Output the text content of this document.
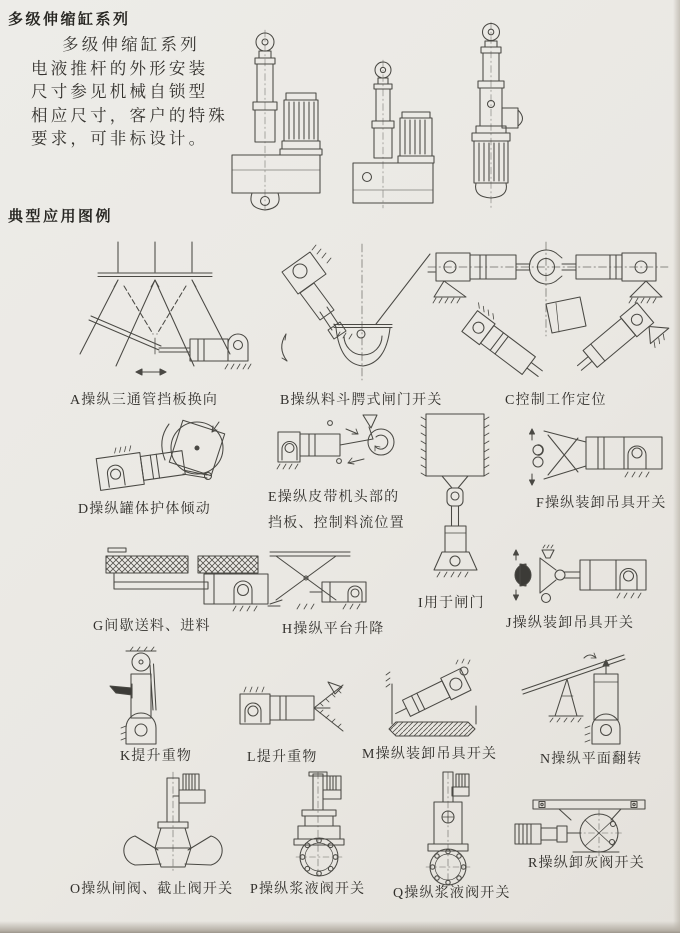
多级伸缩缸系列
多级伸缩缸系列
电液推杆的外形安装
尺寸参见机械自锁型
相应尺寸，客户的特殊
要求，可非标设计。
典型应用图例
A操纵三通管挡板换向	B操纵料斗腭式闸门开关	C控制工作定位
D操纵罐体护体倾动
E操纵皮带机头部的
挡板、控制料流位置
F操纵装卸吊具开关
I用于闸门
G间歇送料、进料	H操纵平台升降	J操纵装卸吊具开关
K提升重物	L提升重物	M操纵装卸吊具开关	N操纵平面翻转
O操纵闸阀、截止阀开关 P操纵浆液阀开关 Q操纵浆液阀开关
R操纵卸灰阀开关
